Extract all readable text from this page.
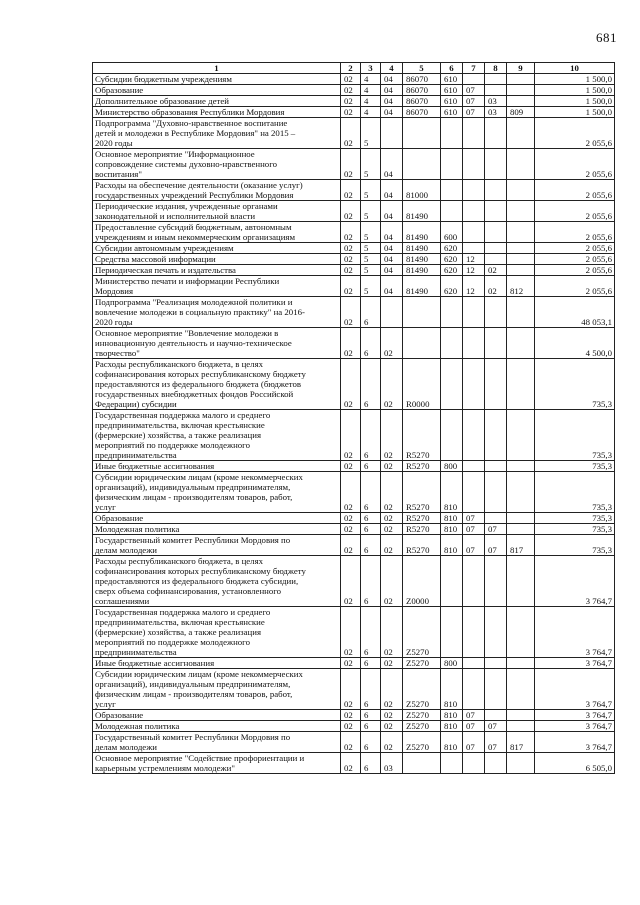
681
1	2	3	4	5	6	7	8	9	10

Субсидии бюджетным учреждениям	02	4	04	86070	610				1 500,0

Образование	02	4	04	86070	610	07			1 500,0

Дополнительное образование детей	02	4	04	86070	610	07	03		1 500,0

Министерство образования Республики Мордовия	02	4	04	86070	610	07	03	809	1 500,0

Подпрограмма "Духовно-нравственное воспитание
детей и молодежи в Республике Мордовия" на 2015 –
2020 годы	02	5							2 055,6

Основное мероприятие "Информационное
сопровождение системы духовно-нравственного
воспитания"	02	5	04						2 055,6

Расходы на обеспечение деятельности (оказание услуг)
государственных учреждений Республики Мордовия	02	5	04	81000					2 055,6

Периодические издания, учрежденные органами
законодательной и исполнительной власти	02	5	04	81490					2 055,6

Предоставление субсидий бюджетным, автономным
учреждениям и иным некоммерческим организациям	02	5	04	81490	600				2 055,6

Субсидии автономным учреждениям	02	5	04	81490	620				2 055,6

Средства массовой информации	02	5	04	81490	620	12			2 055,6

Периодическая печать и издательства	02	5	04	81490	620	12	02		2 055,6

Министерство печати и информации Республики
Мордовия	02	5	04	81490	620	12	02	812	2 055,6

Подпрограмма "Реализация молодежной политики и
вовлечение молодежи в социальную практику" на 2016-
2020 годы	02	6							48 053,1

Основное мероприятие "Вовлечение молодежи в
инновационную деятельность и научно-техническое
творчество"	02	6	02						4 500,0

Расходы республиканского бюджета, в целях
софинансирования которых республиканскому бюджету
предоставляются из федерального бюджета (бюджетов
государственных внебюджетных фондов Российской
Федерации) субсидии	02	6	02	R0000					735,3

Государственная поддержка малого и среднего
предпринимательства, включая крестьянские
(фермерские) хозяйства, а также реализация
мероприятий по поддержке молодежного
предпринимательства	02	6	02	R5270					735,3

Иные бюджетные ассигнования	02	6	02	R5270	800				735,3

Субсидии юридическим лицам (кроме некоммерческих
организаций), индивидуальным предпринимателям,
физическим лицам - производителям товаров, работ,
услуг	02	6	02	R5270	810				735,3

Образование	02	6	02	R5270	810	07			735,3

Молодежная политика	02	6	02	R5270	810	07	07		735,3

Государственный комитет Республики Мордовия по
делам молодежи	02	6	02	R5270	810	07	07	817	735,3

Расходы республиканского бюджета, в целях
софинансирования которых республиканскому бюджету
предоставляются из федерального бюджета субсидии,
сверх объема софинансирования, установленного
соглашениями	02	6	02	Z0000					3 764,7

Государственная поддержка малого и среднего
предпринимательства, включая крестьянские
(фермерские) хозяйства, а также реализация
мероприятий по поддержке молодежного
предпринимательства	02	6	02	Z5270					3 764,7

Иные бюджетные ассигнования	02	6	02	Z5270	800				3 764,7

Субсидии юридическим лицам (кроме некоммерческих
организаций), индивидуальным предпринимателям,
физическим лицам - производителям товаров, работ,
услуг	02	6	02	Z5270	810				3 764,7

Образование	02	6	02	Z5270	810	07			3 764,7

Молодежная политика	02	6	02	Z5270	810	07	07		3 764,7

Государственный комитет Республики Мордовия по
делам молодежи	02	6	02	Z5270	810	07	07	817	3 764,7

Основное мероприятие "Содействие профориентации и
карьерным устремлениям молодежи"	02	6	03						6 505,0
